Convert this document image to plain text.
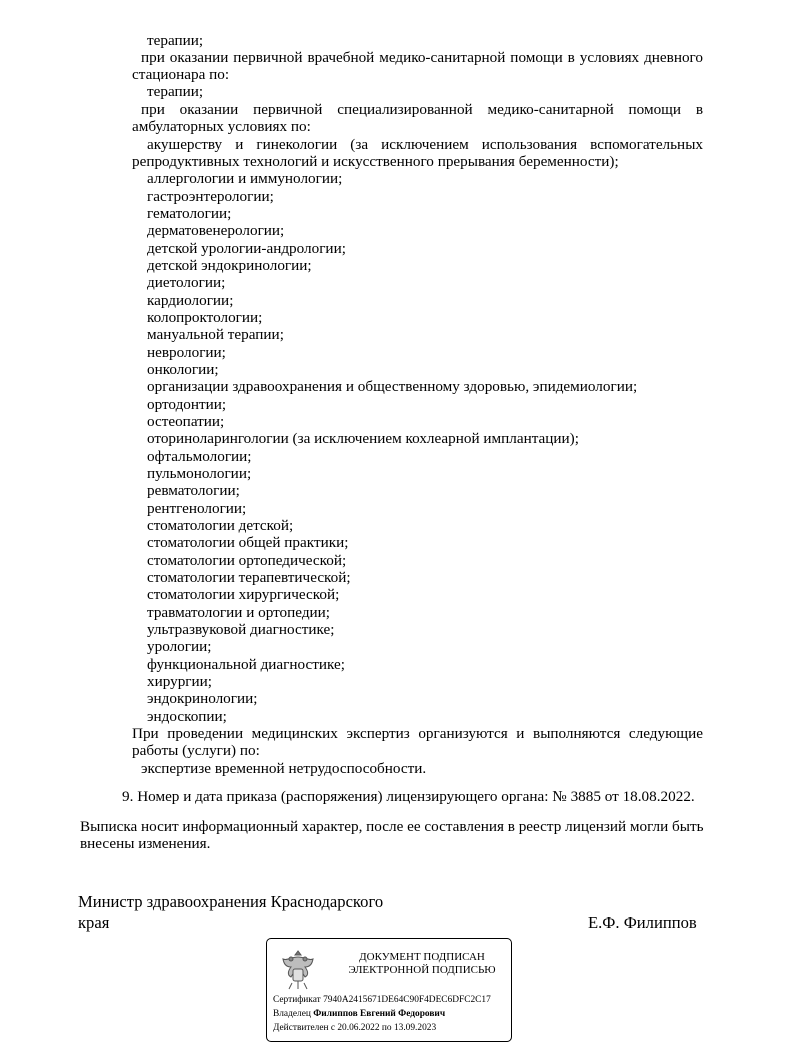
терапии;
при оказании первичной врачебной медико-санитарной помощи в условиях дневного
стационара по:
терапии;
при оказании первичной специализированной медико-санитарной помощи в
амбулаторных условиях по:
акушерству и гинекологии (за исключением использования вспомогательных
репродуктивных технологий и искусственного прерывания беременности);
аллергологии и иммунологии;
гастроэнтерологии;
гематологии;
дерматовенерологии;
детской урологии-андрологии;
детской эндокринологии;
диетологии;
кардиологии;
колопроктологии;
мануальной терапии;
неврологии;
онкологии;
организации здравоохранения и общественному здоровью, эпидемиологии;
ортодонтии;
остеопатии;
оториноларингологии (за исключением кохлеарной имплантации);
офтальмологии;
пульмонологии;
ревматологии;
рентгенологии;
стоматологии детской;
стоматологии общей практики;
стоматологии ортопедической;
стоматологии терапевтической;
стоматологии хирургической;
травматологии и ортопедии;
ультразвуковой диагностике;
урологии;
функциональной диагностике;
хирургии;
эндокринологии;
эндоскопии;
При проведении медицинских экспертиз организуются и выполняются следующие
работы (услуги) по:
экспертизе временной нетрудоспособности.
9. Номер и дата приказа (распоряжения) лицензирующего органа: № 3885 от 18.08.2022.
Выписка носит информационный характер, после ее составления в реестр лицензий могли быть
внесены изменения.
Министр здравоохранения Краснодарского
края	Е.Ф. Филиппов
ДОКУМЕНТ ПОДПИСАН
ЭЛЕКТРОННОЙ ПОДПИСЬЮ
Сертификат 7940A2415671DE64C90F4DEC6DFC2C17
Владелец Филиппов Евгений Федорович
Действителен с 20.06.2022 по 13.09.2023
